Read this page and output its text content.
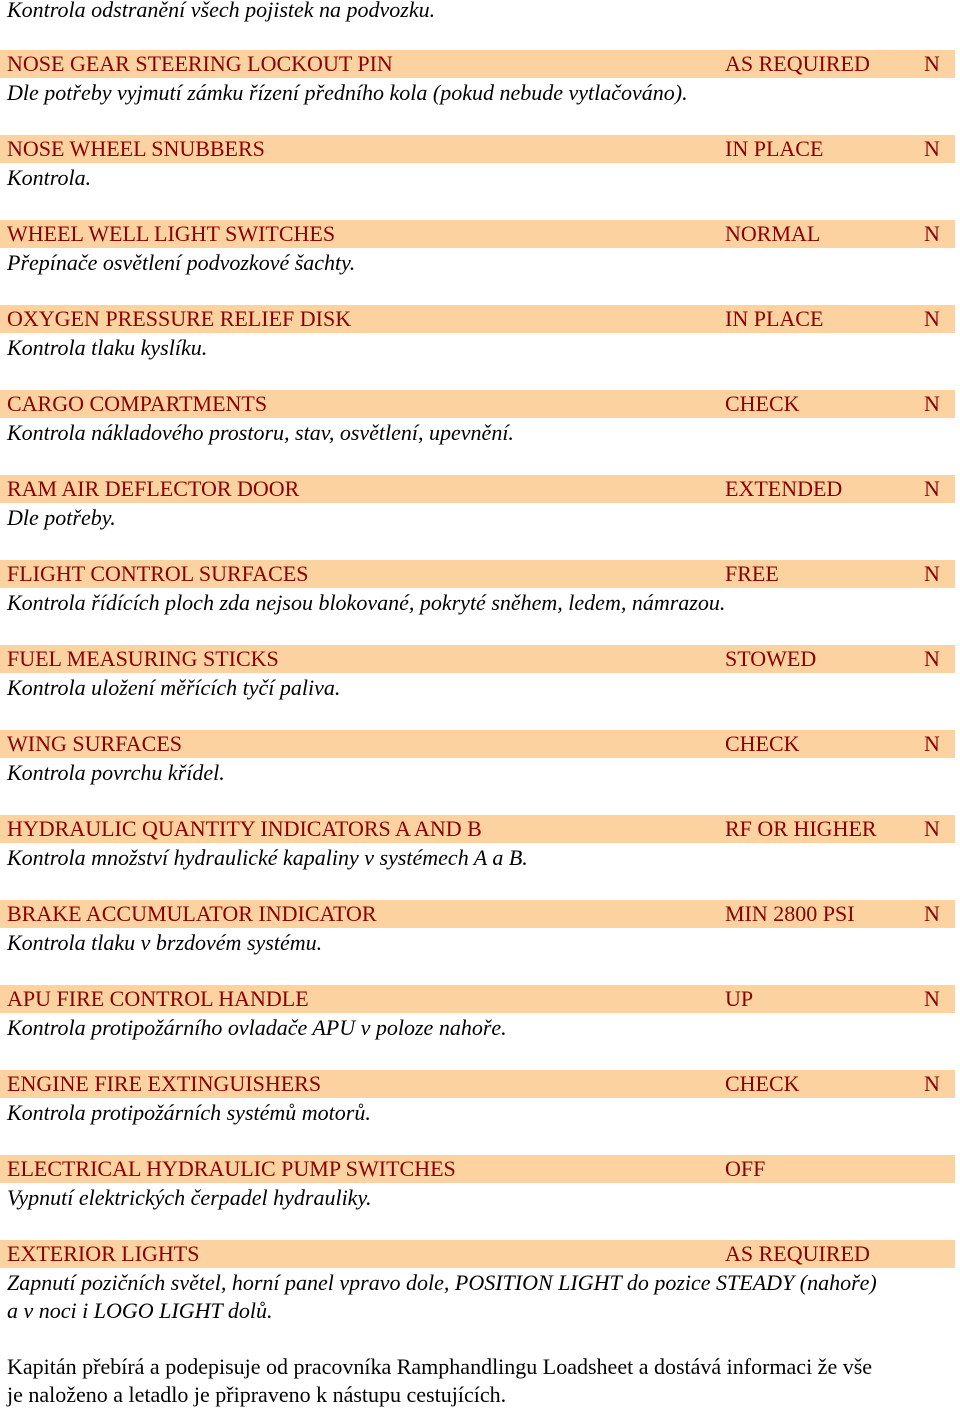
Kontrola odstranění všech pojistek na podvozku.
NOSE GEAR STEERING LOCKOUT PIN	AS REQUIRED N
Dle potřeby vyjmutí zámku řízení předního kola (pokud nebude vytlačováno).
NOSE WHEEL SNUBBERS	IN PLACE	N
Kontrola.
WHEEL WELL LIGHT SWITCHES	NORMAL	N
Přepínače osvětlení podvozkové šachty.
OXYGEN PRESSURE RELIEF DISK	IN PLACE	N
Kontrola tlaku kyslíku.
CARGO COMPARTMENTS	CHECK	N
Kontrola nákladového prostoru, stav, osvětlení, upevnění.
RAM AIR DEFLECTOR DOOR	EXTENDED	N
Dle potřeby.
FLIGHT CONTROL SURFACES	FREE	N
Kontrola řídících ploch zda nejsou blokované, pokryté sněhem, ledem, námrazou.
FUEL MEASURING STICKS	STOWED	N
Kontrola uložení měřících tyčí paliva.
WING SURFACES	CHECK	N
Kontrola povrchu křídel.
HYDRAULIC QUANTITY INDICATORS A AND B	RF OR HIGHER N
Kontrola množství hydraulické kapaliny v systémech A a B.
BRAKE ACCUMULATOR INDICATOR	MIN 2800 PSI	N
Kontrola tlaku v brzdovém systému.
APU FIRE CONTROL HANDLE	UP	N
Kontrola protipožárního ovladače APU v poloze nahoře.
ENGINE FIRE EXTINGUISHERS	CHECK	N
Kontrola protipožárních systémů motorů.
ELECTRICAL HYDRAULIC PUMP SWITCHES	OFF
Vypnutí elektrických čerpadel hydrauliky.
EXTERIOR LIGHTS	AS REQUIRED
Zapnutí pozičních světel, horní panel vpravo dole, POSITION LIGHT do pozice STEADY (nahoře)
a v noci i LOGO LIGHT dolů.
Kapitán přebírá a podepisuje od pracovníka Ramphandlingu Loadsheet a dostává informaci že vše
je naloženo a letadlo je připraveno k nástupu cestujících.
